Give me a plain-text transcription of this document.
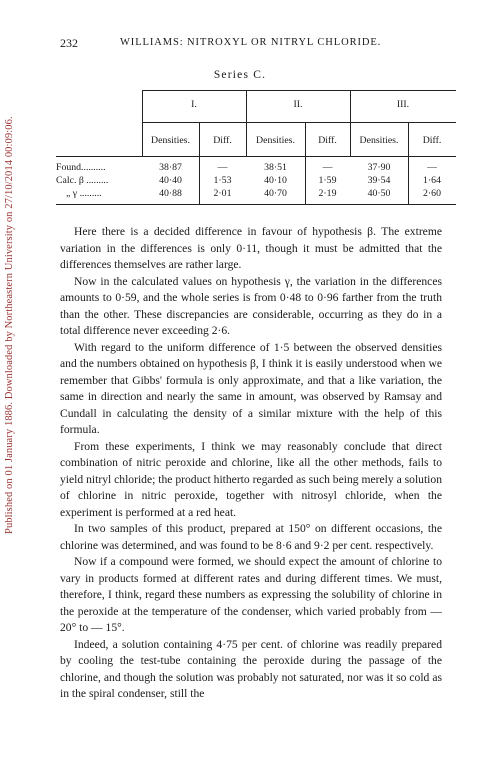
Published on 01 January 1886. Downloaded by Northeastern University on 27/10/2014 00:09:06.
232	WILLIAMS: NITROXYL OR NITRYL CHLORIDE.
Series C.
I.	II.	III.
Densities.	Diff.	Densities.	Diff.	Densities.	Diff.
Found..........	38·87	—	38·51	—	37·90	—
Calc. β .........	40·40	1·53	40·10	1·59	39·54	1·64
„ γ .........	40·88	2·01	40·70	2·19	40·50	2·60

Here there is a decided difference in favour of hypothesis β. The extreme variation in the differences is only 0·11, though it must be admitted that the differences themselves are rather large.

Now in the calculated values on hypothesis γ, the variation in the differences amounts to 0·59, and the whole series is from 0·48 to 0·96 farther from the truth than the other. These discrepancies are considerable, occurring as they do in a total difference never exceeding 2·6.

With regard to the uniform difference of 1·5 between the observed densities and the numbers obtained on hypothesis β, I think it is easily understood when we remember that Gibbs' formula is only approximate, and that a like variation, the same in direction and nearly the same in amount, was observed by Ramsay and Cundall in calculating the density of a similar mixture with the help of this formula.

From these experiments, I think we may reasonably conclude that direct combination of nitric peroxide and chlorine, like all the other methods, fails to yield nitryl chloride; the product hitherto regarded as such being merely a solution of chlorine in nitric peroxide, together with nitrosyl chloride, when the experiment is performed at a red heat.

In two samples of this product, prepared at 150° on different occasions, the chlorine was determined, and was found to be 8·6 and 9·2 per cent. respectively.

Now if a compound were formed, we should expect the amount of chlorine to vary in products formed at different rates and during different times. We must, therefore, I think, regard these numbers as expressing the solubility of chlorine in the peroxide at the temperature of the condenser, which varied probably from — 20° to — 15°.

Indeed, a solution containing 4·75 per cent. of chlorine was readily prepared by cooling the test-tube containing the peroxide during the passage of the chlorine, and though the solution was probably not saturated, nor was it so cold as in the spiral condenser, still the
